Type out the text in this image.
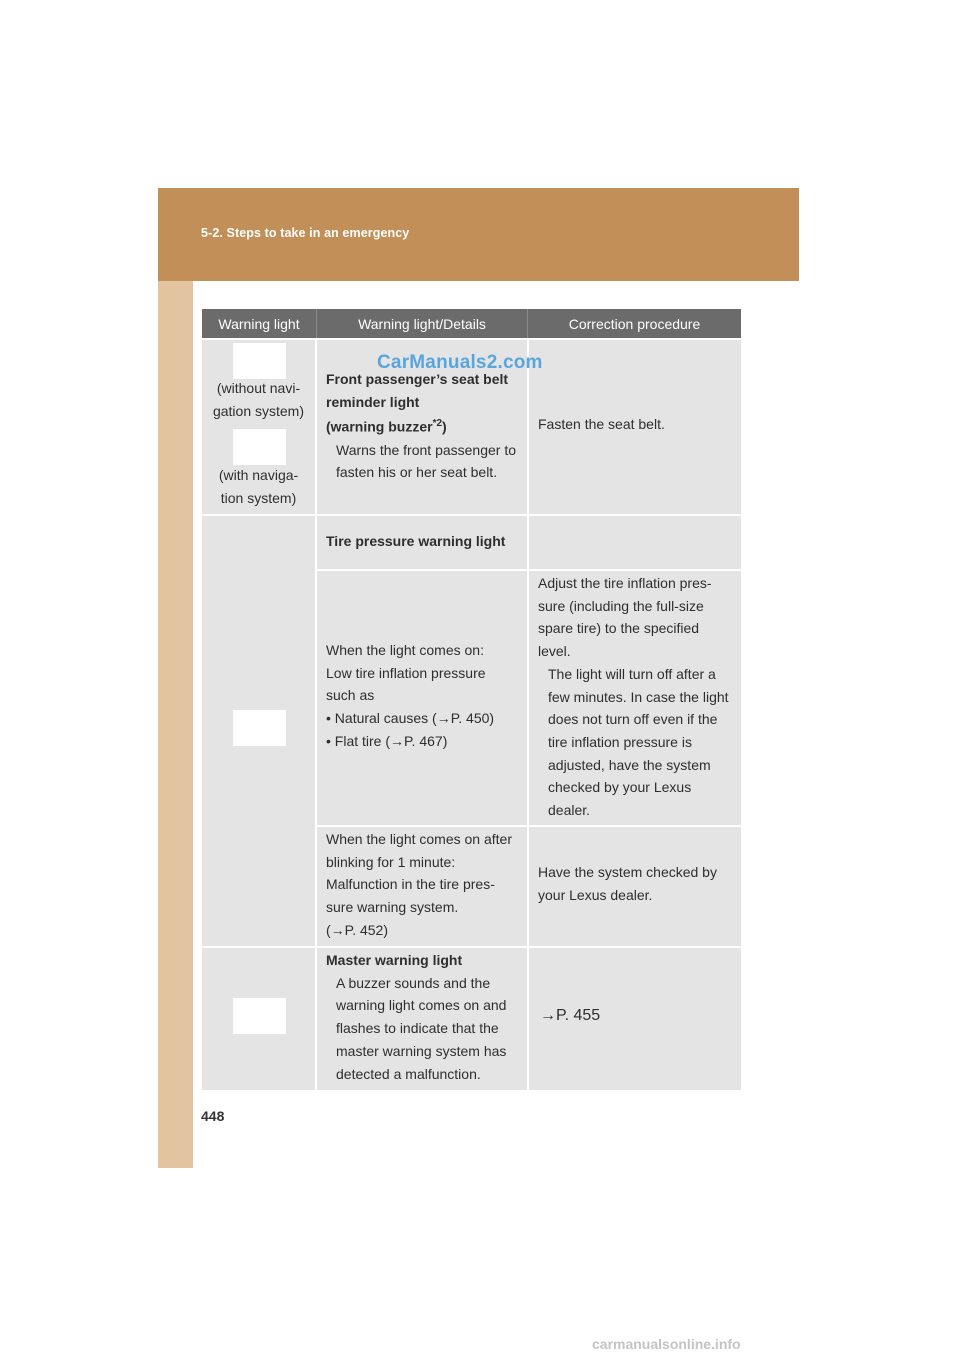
5-2. Steps to take in an emergency
448
Warning light	Warning light/Details	Correction procedure
(without navi-
gation system)
(with naviga-
tion system)
Front passenger’s seat belt
reminder light
(warning buzzer$^{*2}$)
Warns the front passenger to
fasten his or her seat belt.
Fasten the seat belt.
Tire pressure warning light
When the light comes on:
Low tire inflation pressure
such as
• Natural causes (→P. 450)
• Flat tire (→P. 467)
Adjust the tire inflation pres-
sure (including the full-size
spare tire) to the specified
level.
The light will turn off after a
few minutes. In case the light
does not turn off even if the
tire inflation pressure is
adjusted, have the system
checked by your Lexus
dealer.
When the light comes on after
blinking for 1 minute:
Malfunction in the tire pres-
sure warning system.
(→P. 452)
Have the system checked by
your Lexus dealer.
Master warning light
A buzzer sounds and the
warning light comes on and
flashes to indicate that the
master warning system has
detected a malfunction.
→P. 455
CarManuals2.com
carmanualsonline.info
